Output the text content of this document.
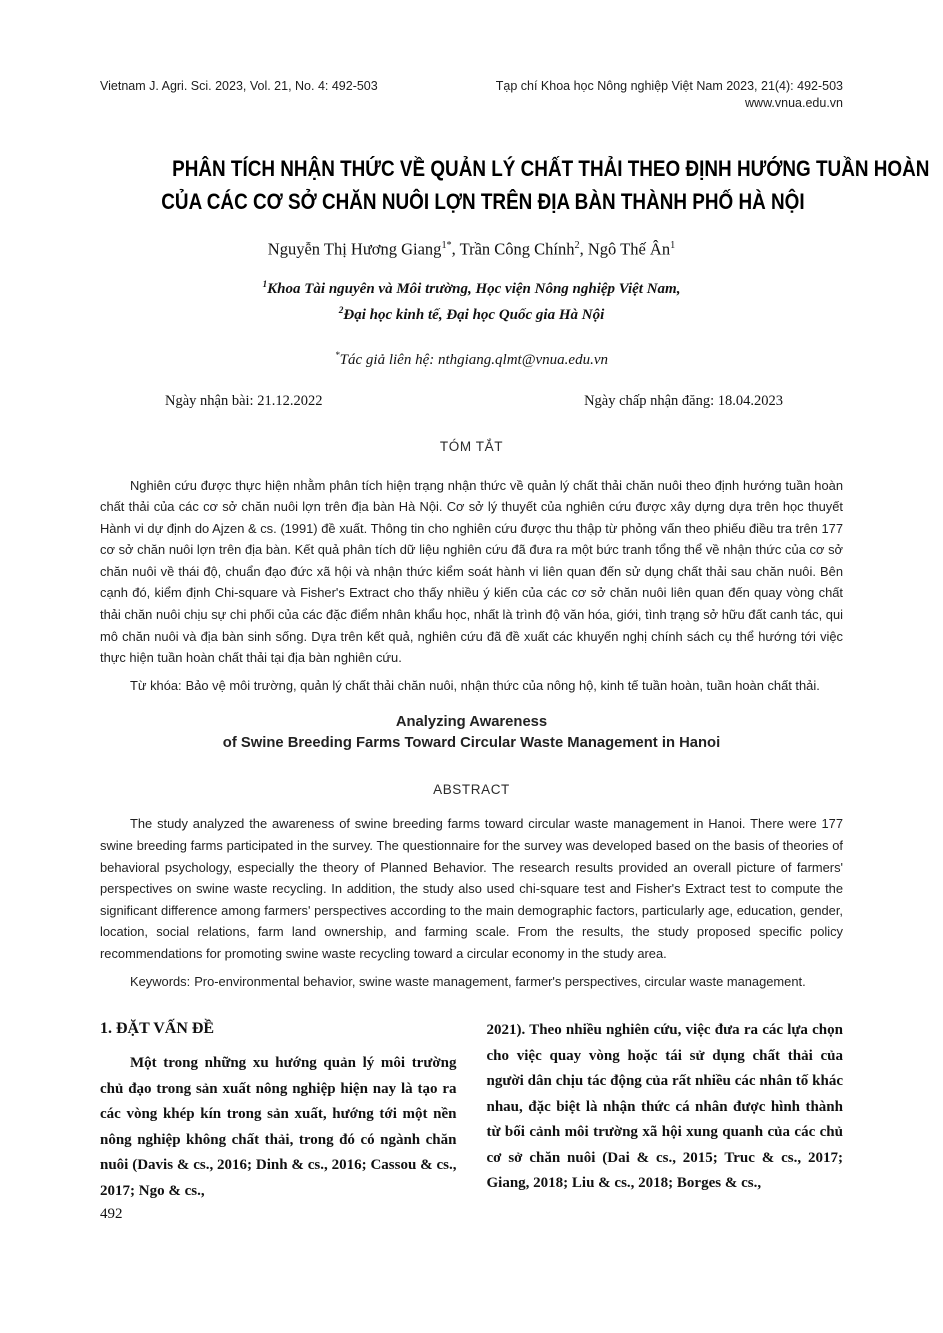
Vietnam J. Agri. Sci. 2023, Vol. 21, No. 4: 492-503	Tạp chí Khoa học Nông nghiệp Việt Nam 2023, 21(4): 492-503
www.vnua.edu.vn
PHÂN TÍCH NHẬN THỨC VỀ QUẢN LÝ CHẤT THẢI THEO ĐỊNH HƯỚNG TUẦN HOÀN
CỦA CÁC CƠ SỞ CHĂN NUÔI LỢN TRÊN ĐỊA BÀN THÀNH PHỐ HÀ NỘI
Nguyễn Thị Hương Giang$^{1*}$, Trần Công Chính$^2$, Ngô Thế $Ân^1$
$^1$Khoa Tài nguyên và Môi trường, Học viện Nông nghiệp Việt Nam,
$^2$Đại học kinh tế, Đại học Quốc gia Hà Nội
*Tác giả liên hệ: nthgiang.qlmt@vnua.edu.vn
Ngày nhận bài: 21.12.2022	Ngày chấp nhận đăng: 18.04.2023
TÓM TẮT

Nghiên cứu được thực hiện nhằm phân tích hiện trạng nhận thức về quản lý chất thải chăn nuôi theo định hướng tuần hoàn chất thải của các cơ sở chăn nuôi lợn trên địa bàn Hà Nội. Cơ sở lý thuyết của nghiên cứu được xây dựng dựa trên học thuyết Hành vi dự định do Ajzen & cs. (1991) đề xuất. Thông tin cho nghiên cứu được thu thập từ phỏng vấn theo phiếu điều tra trên 177 cơ sở chăn nuôi lợn trên địa bàn. Kết quả phân tích dữ liệu nghiên cứu đã đưa ra một bức tranh tổng thể về nhận thức của cơ sở chăn nuôi về thái độ, chuẩn đạo đức xã hội và nhận thức kiểm soát hành vi liên quan đến sử dụng chất thải sau chăn nuôi. Bên cạnh đó, kiểm định Chi-square và Fisher's Extract cho thấy nhiều ý kiến của các cơ sở chăn nuôi liên quan đến quay vòng chất thải chăn nuôi chịu sự chi phối của các đặc điểm nhân khẩu học, nhất là trình độ văn hóa, giới, tình trạng sở hữu đất canh tác, qui mô chăn nuôi và địa bàn sinh sống. Dựa trên kết quả, nghiên cứu đã đề xuất các khuyến nghị chính sách cụ thể hướng tới việc thực hiện tuần hoàn chất thải tại địa bàn nghiên cứu.

Từ khóa: Bảo vệ môi trường, quản lý chất thải chăn nuôi, nhận thức của nông hộ, kinh tế tuần hoàn, tuần hoàn chất thải.

Analyzing Awareness
of Swine Breeding Farms Toward Circular Waste Management in Hanoi
ABSTRACT

The study analyzed the awareness of swine breeding farms toward circular waste management in Hanoi. There were 177 swine breeding farms participated in the survey. The questionnaire for the survey was developed based on the basis of theories of behavioral psychology, especially the theory of Planned Behavior. The research results provided an overall picture of farmers' perspectives on swine waste recycling. In addition, the study also used chi-square test and Fisher's Extract test to compute the significant difference among farmers' perspectives according to the main demographic factors, particularly age, education, gender, location, social relations, farm land ownership, and farming scale. From the results, the study proposed specific policy recommendations for promoting swine waste recycling toward a circular economy in the study area.

Keywords: Pro-environmental behavior, swine waste management, farmer's perspectives, circular waste management.

1. ĐẶT VẤN ĐỀ

Một trong những xu hướng quản lý môi trường chủ đạo trong sản xuất nông nghiệp hiện nay là tạo ra các vòng khép kín trong sản xuất, hướng tới một nền nông nghiệp không chất thải, trong đó có ngành chăn nuôi (Davis & cs., 2016; Dinh & cs., 2016; Cassou & cs., 2017; Ngo & cs.,

2021). Theo nhiều nghiên cứu, việc đưa ra các lựa chọn cho việc quay vòng hoặc tái sử dụng chất thải của người dân chịu tác động của rất nhiều các nhân tố khác nhau, đặc biệt là nhận thức cá nhân được hình thành từ bối cảnh môi trường xã hội xung quanh của các chủ cơ sở chăn nuôi (Dai & cs., 2015; Truc & cs., 2017; Giang, 2018; Liu & cs., 2018; Borges & cs.,

492
